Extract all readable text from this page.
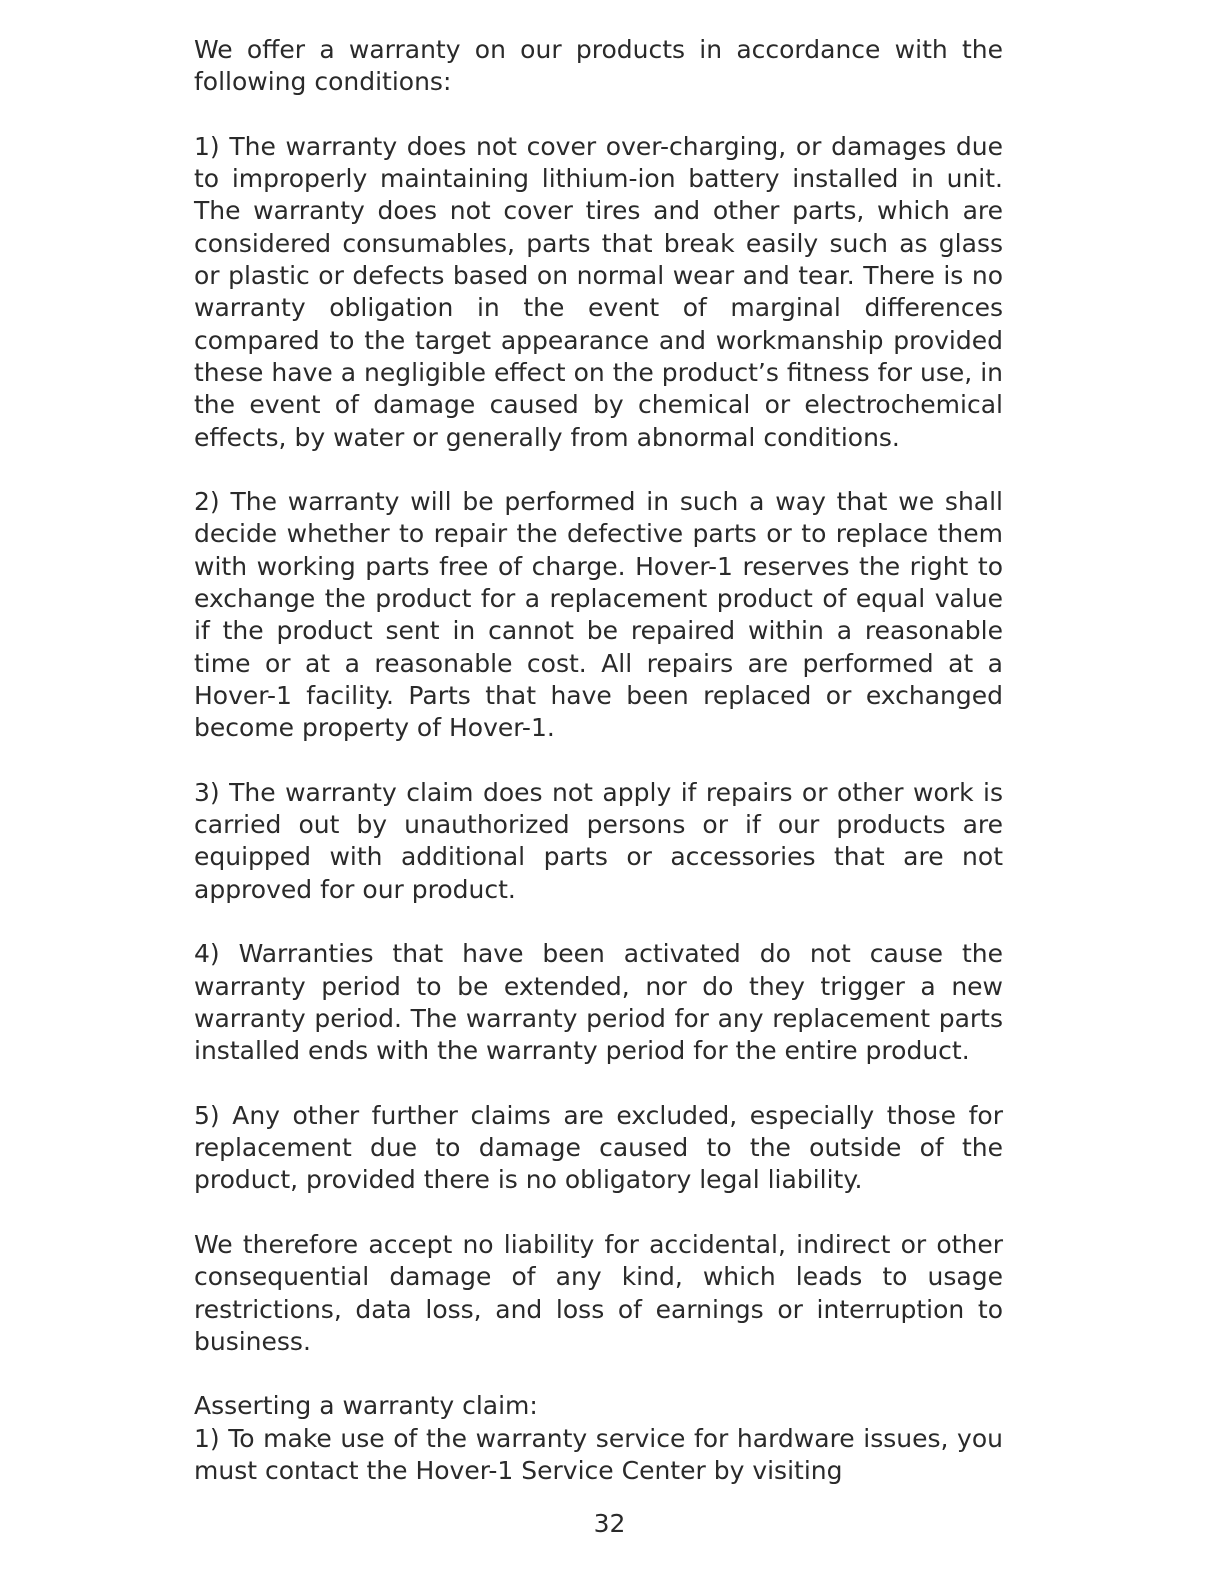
We offer a warranty on our products in accordance with the following conditions:

1) The warranty does not cover over-charging, or damages due to improperly maintaining lithium-ion battery installed in unit. The warranty does not cover tires and other parts, which are considered consumables, parts that break easily such as glass or plastic or defects based on normal wear and tear. There is no warranty obligation in the event of marginal differences compared to the target appearance and workmanship provided these have a negligible effect on the product’s fitness for use, in the event of damage caused by chemical or electrochemical effects, by water or generally from abnormal conditions.

2) The warranty will be performed in such a way that we shall decide whether to repair the defective parts or to replace them with working parts free of charge. Hover-1 reserves the right to exchange the product for a replacement product of equal value if the product sent in cannot be repaired within a reasonable time or at a reasonable cost. All repairs are performed at a Hover-1 facility. Parts that have been replaced or exchanged become property of Hover-1.

3) The warranty claim does not apply if repairs or other work is carried out by unauthorized persons or if our products are equipped with additional parts or accessories that are not approved for our product.

4) Warranties that have been activated do not cause the warranty period to be extended, nor do they trigger a new warranty period. The warranty period for any replacement parts installed ends with the warranty period for the entire product.

5) Any other further claims are excluded, especially those for replacement due to damage caused to the outside of the product, provided there is no obligatory legal liability.

We therefore accept no liability for accidental, indirect or other consequential damage of any kind, which leads to usage restrictions, data loss, and loss of earnings or interruption to business.

Asserting a warranty claim:

1) To make use of the warranty service for hardware issues, you must contact the Hover-1 Service Center by visiting

32
